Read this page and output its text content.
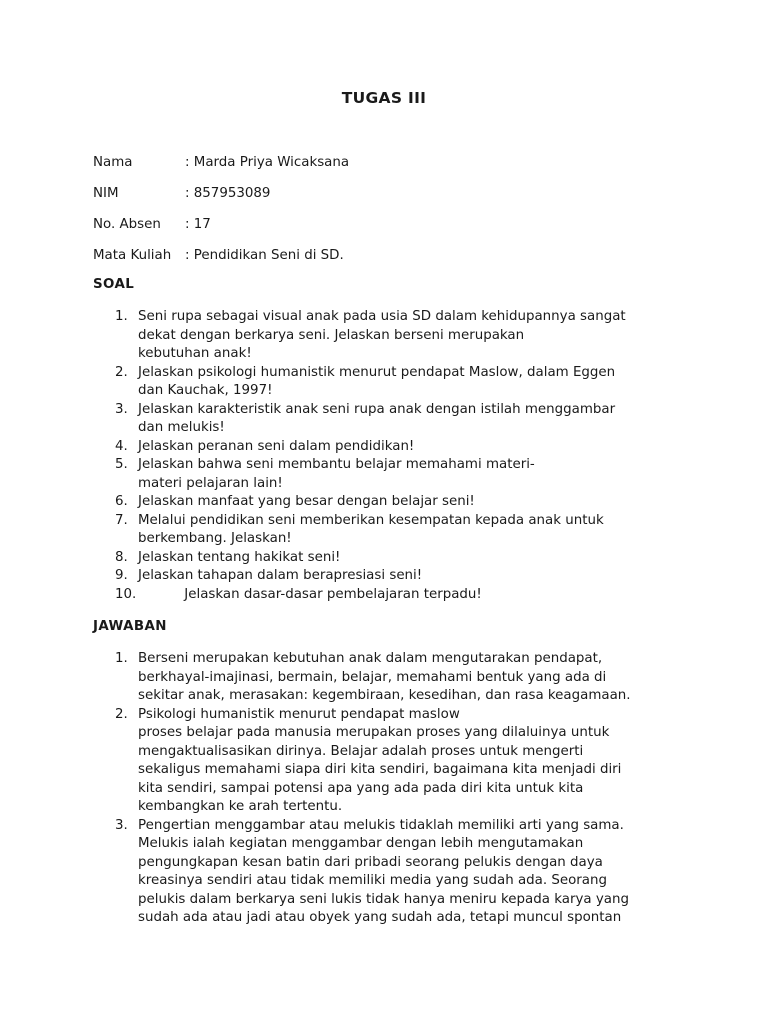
TUGAS III
Nama	: Marda Priya Wicaksana
NIM	: 857953089
No. Absen : 17
Mata Kuliah : Pendidikan Seni di SD.
SOAL
1. Seni rupa sebagai visual anak pada usia SD dalam kehidupannya sangat
dekat dengan berkarya seni. Jelaskan berseni merupakan
kebutuhan anak!
2. Jelaskan psikologi humanistik menurut pendapat Maslow, dalam Eggen
dan Kauchak, 1997!
3. Jelaskan karakteristik anak seni rupa anak dengan istilah menggambar
dan melukis!
4. Jelaskan peranan seni dalam pendidikan!
5. Jelaskan bahwa seni membantu belajar memahami materi-
materi pelajaran lain!
6. Jelaskan manfaat yang besar dengan belajar seni!
7. Melalui pendidikan seni memberikan kesempatan kepada anak untuk
berkembang. Jelaskan!
8. Jelaskan tentang hakikat seni!
9. Jelaskan tahapan dalam berapresiasi seni!
10.	Jelaskan dasar-dasar pembelajaran terpadu!
JAWABAN
1. Berseni merupakan kebutuhan anak dalam mengutarakan pendapat,
berkhayal-imajinasi, bermain, belajar, memahami bentuk yang ada di
sekitar anak, merasakan: kegembiraan, kesedihan, dan rasa keagamaan.
2. Psikologi humanistik menurut pendapat maslow
proses belajar pada manusia merupakan proses yang dilaluinya untuk
mengaktualisasikan dirinya. Belajar adalah proses untuk mengerti
sekaligus memahami siapa diri kita sendiri, bagaimana kita menjadi diri
kita sendiri, sampai potensi apa yang ada pada diri kita untuk kita
kembangkan ke arah tertentu.
3. Pengertian menggambar atau melukis tidaklah memiliki arti yang sama.
Melukis ialah kegiatan menggambar dengan lebih mengutamakan
pengungkapan kesan batin dari pribadi seorang pelukis dengan daya
kreasinya sendiri atau tidak memiliki media yang sudah ada. Seorang
pelukis dalam berkarya seni lukis tidak hanya meniru kepada karya yang
sudah ada atau jadi atau obyek yang sudah ada, tetapi muncul spontan
